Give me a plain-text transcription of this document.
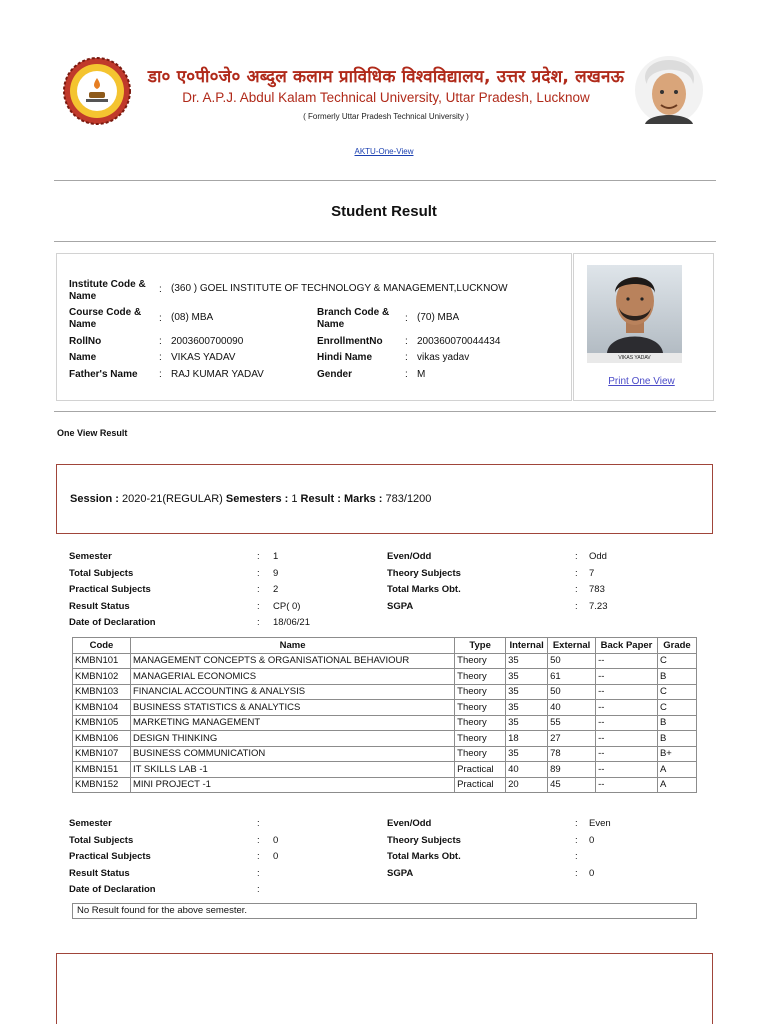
डा० ए०पी०जे० अब्दुल कलाम प्राविधिक विश्वविद्यालय, उत्तर प्रदेश, लखनऊ
Dr. A.P.J. Abdul Kalam Technical University, Uttar Pradesh, Lucknow
( Formerly Uttar Pradesh Technical University )
AKTU-One-View
Student Result
Institute Code &
Name
: (360 ) GOEL INSTITUTE OF TECHNOLOGY & MANAGEMENT,LUCKNOW
Course Code &
Name
: (08) MBA	Branch Code &
Name
: (70) MBA
RollNo	: 2003600700090	EnrollmentNo : 200360070044434
Name	: VIKAS YADAV	Hindi Name	: vikas yadav
Father's Name : RAJ KUMAR YADAV	Gender	: M
VIKAS YADAV
Print One View
One View Result
Session : 2020-21(REGULAR) Semesters : 1 Result : Marks : 783/1200
Semester	: 1	Even/Odd	: Odd
Total Subjects	: 9	Theory Subjects	: 7
Practical Subjects	: 2	Total Marks Obt.	: 783
Result Status	: CP( 0)	SGPA	: 7.23
Date of Declaration	: 18/06/21
Code	Name	Type	Internal	External	Back Paper	Grade
KMBN101	MANAGEMENT CONCEPTS & ORGANISATIONAL BEHAVIOUR	Theory	35	50	--	C
KMBN102	MANAGERIAL ECONOMICS	Theory	35	61	--	B
KMBN103	FINANCIAL ACCOUNTING & ANALYSIS	Theory	35	50	--	C
KMBN104	BUSINESS STATISTICS & ANALYTICS	Theory	35	40	--	C
KMBN105	MARKETING MANAGEMENT	Theory	35	55	--	B
KMBN106	DESIGN THINKING	Theory	18	27	--	B
KMBN107	BUSINESS COMMUNICATION	Theory	35	78	--	B+
KMBN151	IT SKILLS LAB -1	Practical	40	89	--	A
KMBN152	MINI PROJECT -1	Practical	20	45	--	A
Semester	:	Even/Odd	: Even
Total Subjects	: 0	Theory Subjects	: 0
Practical Subjects	: 0	Total Marks Obt.	:
Result Status	:	SGPA	: 0
Date of Declaration	:
No Result found for the above semester.
